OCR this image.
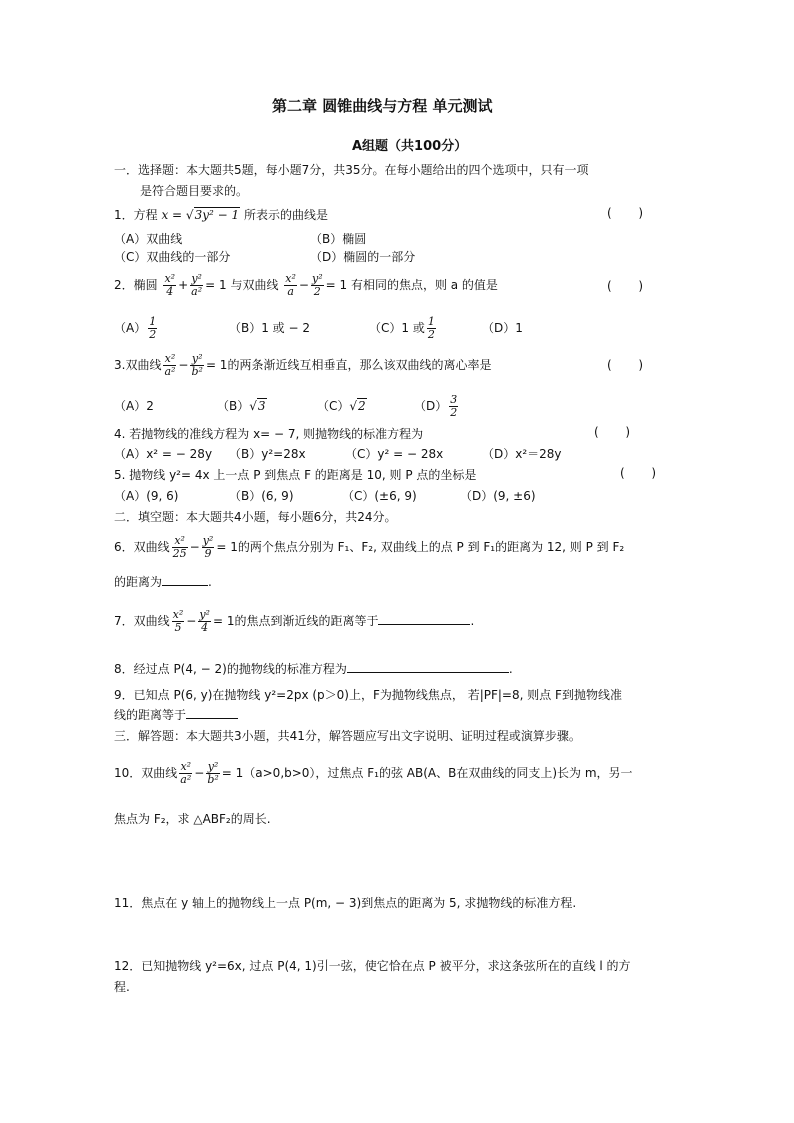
第二章 圆锥曲线与方程 单元测试
A组题（共100分）
一．选择题：本大题共5题，每小题7分，共35分。在每小题给出的四个选项中，只有一项
是符合题目要求的。
1．方程 x = √3y² − 1 所表示的曲线是	(       )
（A）双曲线	（B）椭圆
（C）双曲线的一部分	（D）椭圆的一部分
2．椭圆 $\frac{\text{x²}}{4} + \frac{\text{y²}}{\text{a²}} = 1$ 与双曲线 $\frac{\text{x²}}{a} - \frac{\text{y²}}{2} = 1$ 有相同的焦点，则 a 的值是	(       )
$(A) \frac{1}{2}$	（B）1 或 − 2	（C）1 或 $\frac{1}{2}$	（D）1
3.双曲线 $\frac{\text{x²}}{\text{a²}} - \frac{\text{y²}}{\text{b²}} = 1$的两条渐近线互相垂直，那么该双曲线的离心率是	(       )
（A）2	（B）√3	（C）√2	$(D) \frac{3}{2}$
4. 若抛物线的准线方程为 x= − 7, 则抛物线的标准方程为	(       )
（A）x² = − 28y （B）y²=28x	（C）y² = − 28x	（D）x²＝28y
5. 抛物线 y²= 4x 上一点 P 到焦点 F 的距离是 10, 则 P 点的坐标是	(       )
（A）(9, 6)	（B）(6, 9)	（C）(±6, 9)	（D）(9, ±6)
二．填空题：本大题共4小题，每小题6分，共24分。
6．双曲线 $\frac{\text{x²}}{25} - \frac{\text{y²}}{9} = 1$的两个焦点分别为 F₁、F₂, 双曲线上的点 P 到 F₁的距离为 12, 则 P 到 F₂
的距离为	.
7．双曲线 $\frac{\text{x²}}{5} - \frac{\text{y²}}{4} = 1$的焦点到渐近线的距离等于	.
8．经过点 P(4, − 2)的抛物线的标准方程为	.
9．已知点 P(6, y)在抛物线 y²=2px (p＞0)上，F为抛物线焦点， 若|PF|=8, 则点 F到抛物线准
线的距离等于
三．解答题：本大题共3小题，共41分，解答题应写出文字说明、证明过程或演算步骤。
10．双曲线 $\frac{\text{x²}}{\text{a²}} - \frac{\text{y²}}{\text{b²}} = 1(a>0,b>0)$，过焦点 F₁的弦 AB(A、B在双曲线的同支上)长为 m，另一
焦点为 F₂，求 △ABF₂的周长.
11．焦点在 y 轴上的抛物线上一点 P(m, − 3)到焦点的距离为 5, 求抛物线的标准方程.
12．已知抛物线 y²=6x, 过点 P(4, 1)引一弦，使它恰在点 P 被平分，求这条弦所在的直线 l 的方
程.
